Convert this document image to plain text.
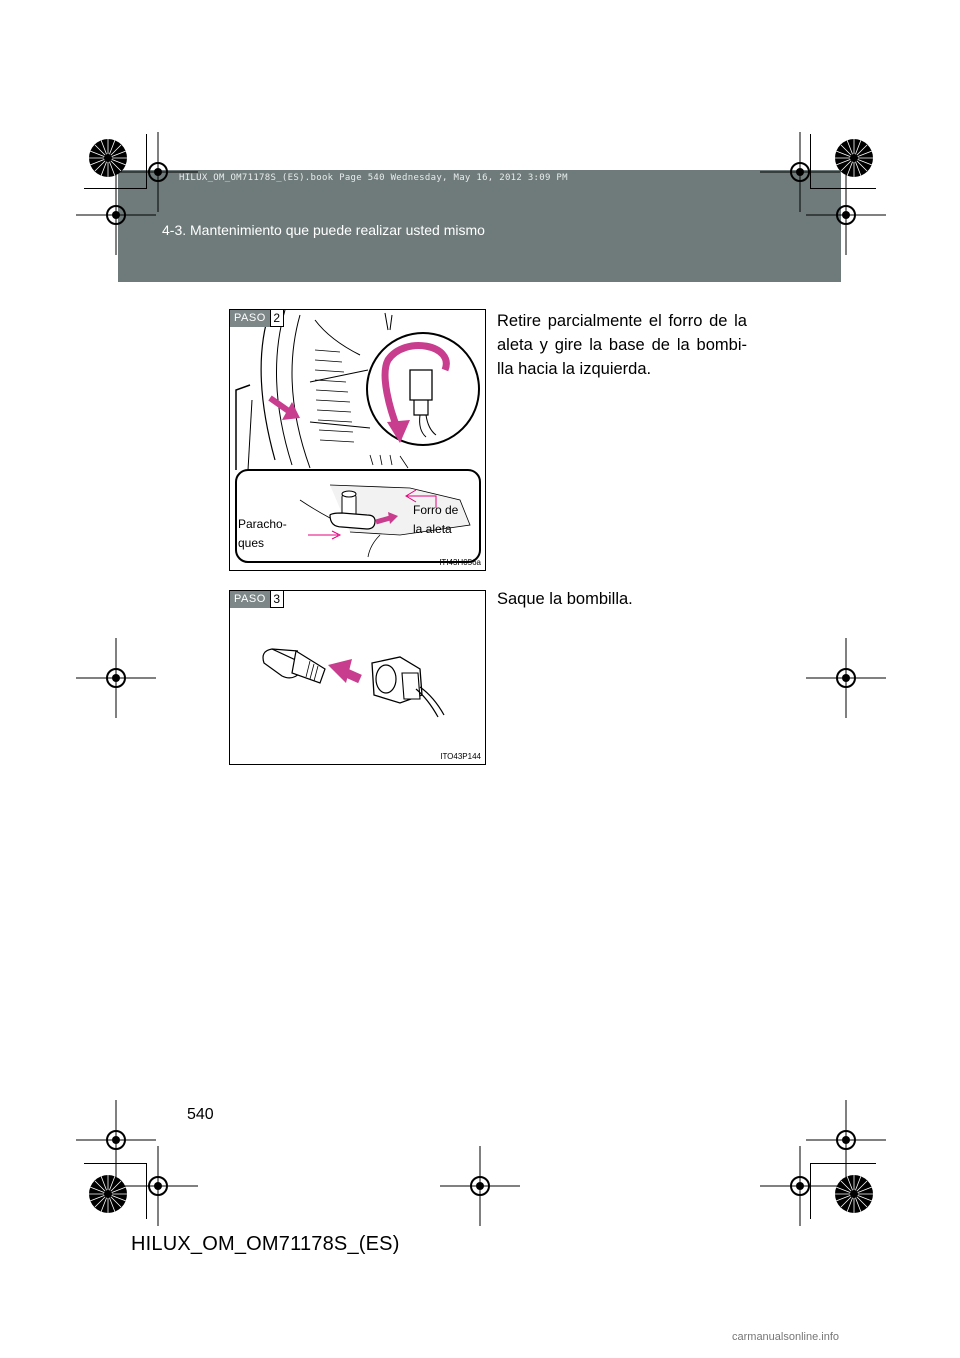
HILUX_OM_OM71178S_(ES).book Page 540 Wednesday, May 16, 2012 3:09 PM
4-3. Mantenimiento que puede realizar usted mismo
PASO 2
Paracho-
ques
Forro de
la aleta
ITI43H056a
Retire parcialmente el forro de la aleta y gire la base de la bombi-lla hacia la izquierda.
PASO 3
ITO43P144
Saque la bombilla.
540
HILUX_OM_OM71178S_(ES)
carmanualsonline.info
